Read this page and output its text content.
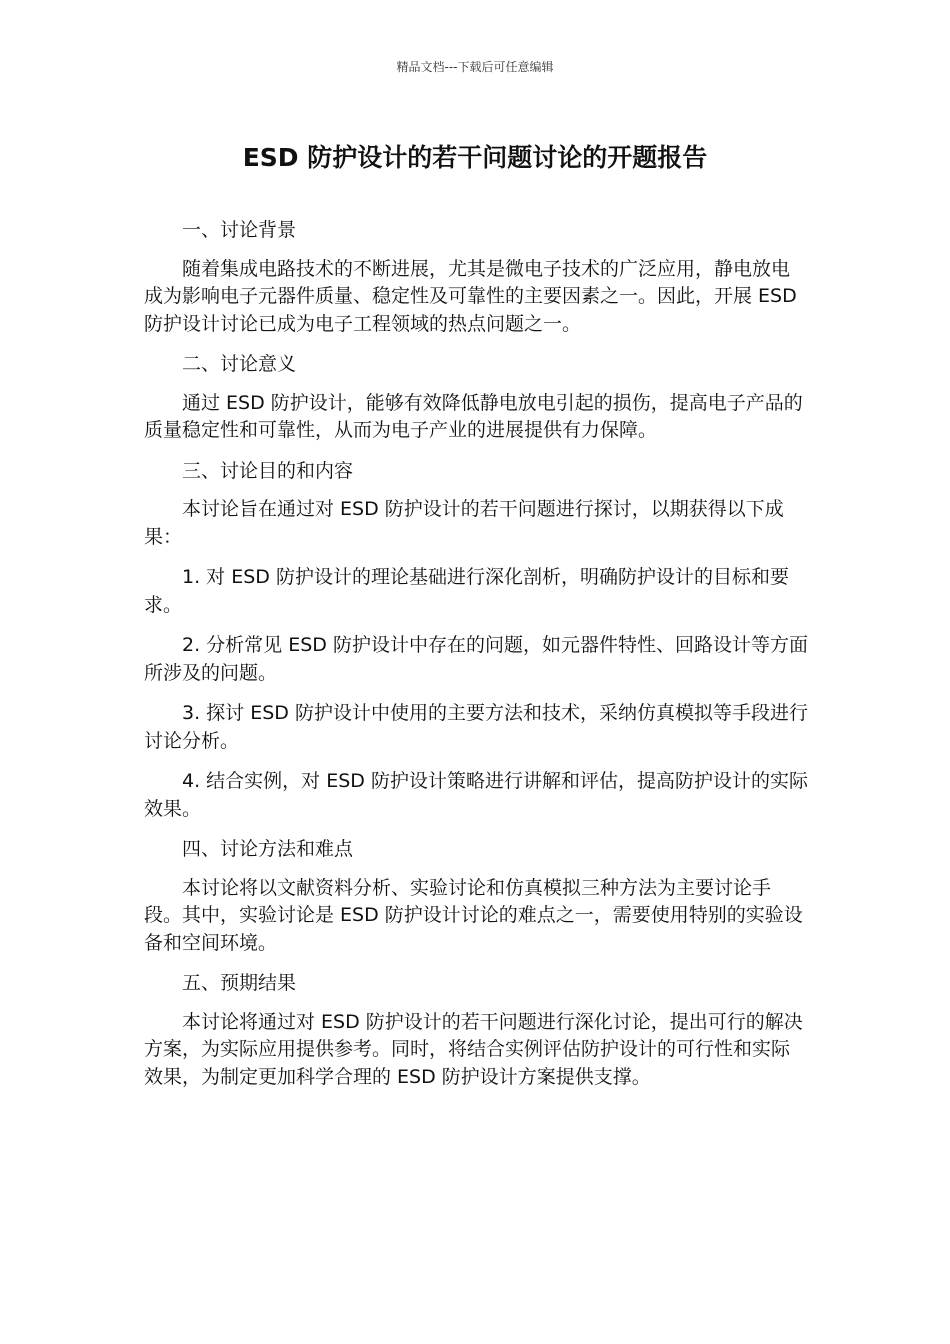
精品文档---下载后可任意编辑
ESD 防护设计的若干问题讨论的开题报告

一、讨论背景

随着集成电路技术的不断进展，尤其是微电子技术的广泛应用，静电放电成为影响电子元器件质量、稳定性及可靠性的主要因素之一。因此，开展 ESD 防护设计讨论已成为电子工程领域的热点问题之一。

二、讨论意义

通过 ESD 防护设计，能够有效降低静电放电引起的损伤，提高电子产品的质量稳定性和可靠性，从而为电子产业的进展提供有力保障。

三、讨论目的和内容

本讨论旨在通过对 ESD 防护设计的若干问题进行探讨，以期获得以下成果：

1. 对 ESD 防护设计的理论基础进行深化剖析，明确防护设计的目标和要求。

2. 分析常见 ESD 防护设计中存在的问题，如元器件特性、回路设计等方面所涉及的问题。

3. 探讨 ESD 防护设计中使用的主要方法和技术，采纳仿真模拟等手段进行讨论分析。

4. 结合实例，对 ESD 防护设计策略进行讲解和评估，提高防护设计的实际效果。

四、讨论方法和难点

本讨论将以文献资料分析、实验讨论和仿真模拟三种方法为主要讨论手段。其中，实验讨论是 ESD 防护设计讨论的难点之一，需要使用特别的实验设备和空间环境。

五、预期结果

本讨论将通过对 ESD 防护设计的若干问题进行深化讨论，提出可行的解决方案，为实际应用提供参考。同时，将结合实例评估防护设计的可行性和实际效果，为制定更加科学合理的 ESD 防护设计方案提供支撑。
